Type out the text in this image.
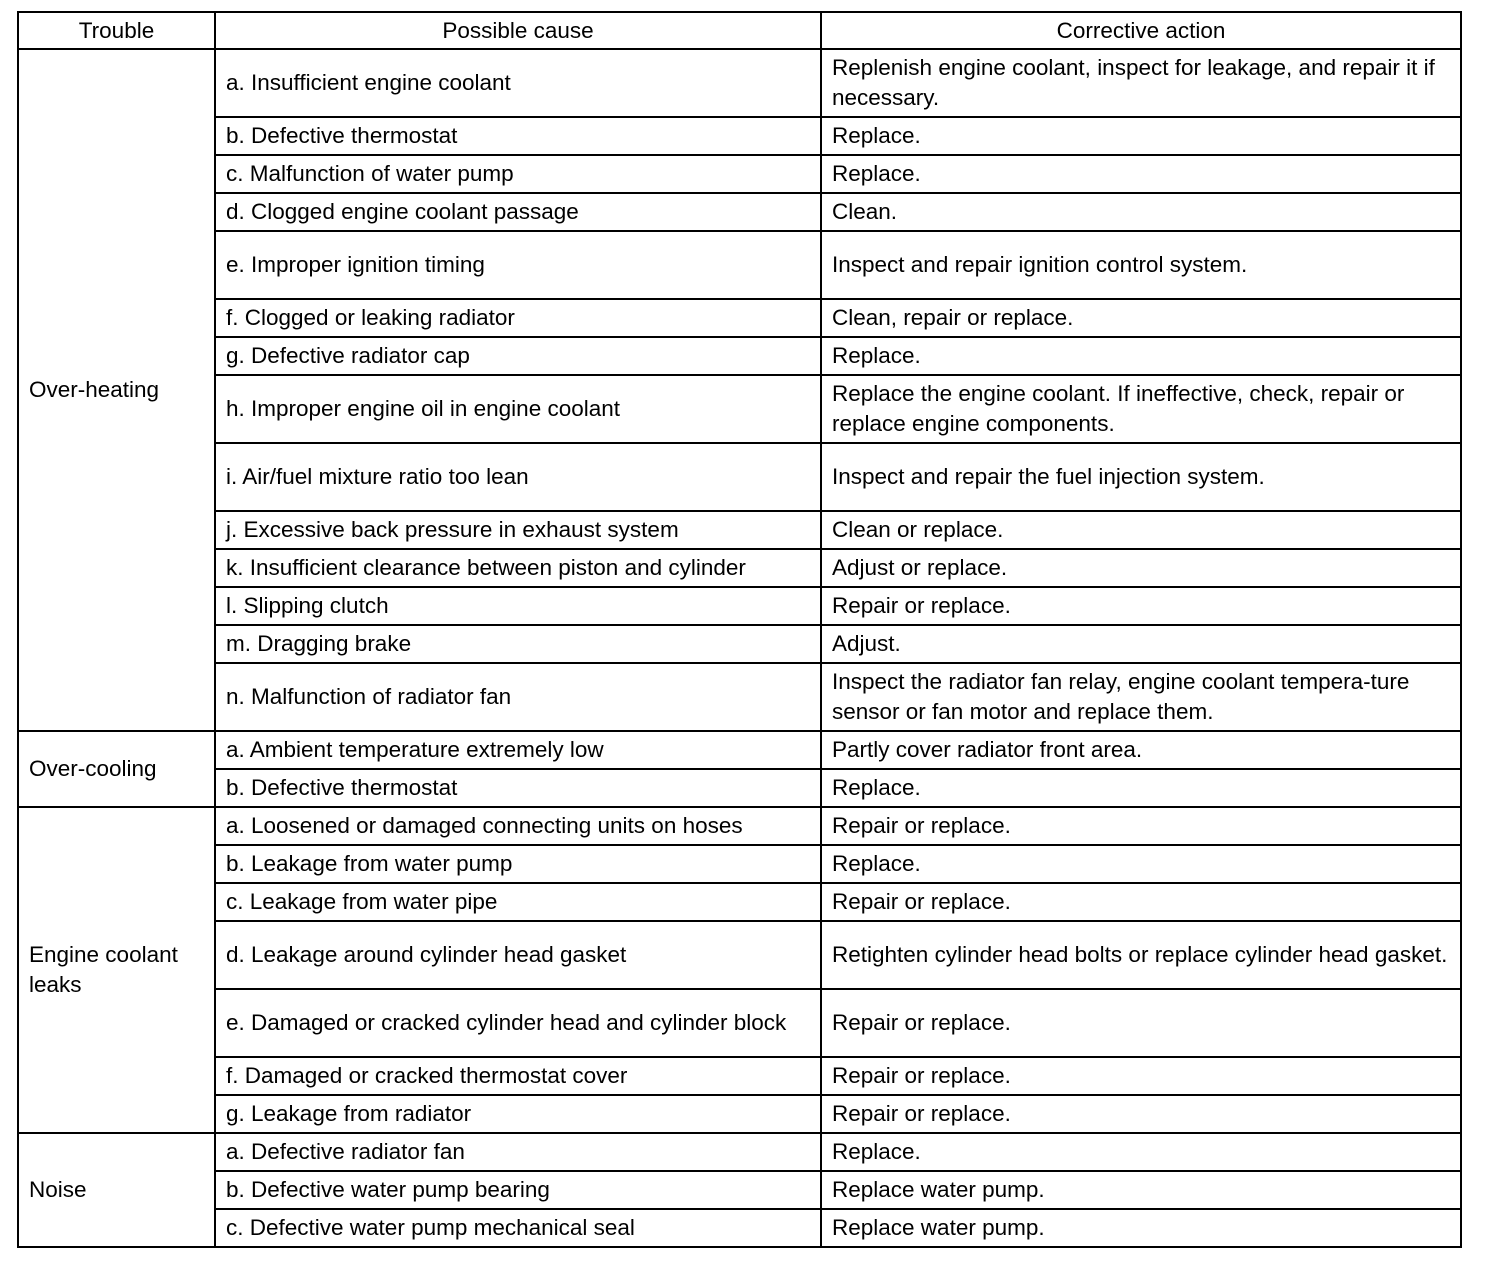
Trouble	Possible cause	Corrective action
Over-heating	a. Insufficient engine coolant	Replenish engine coolant, inspect for leakage, and repair it if necessary.
	b. Defective thermostat	Replace.
	c. Malfunction of water pump	Replace.
	d. Clogged engine coolant passage	Clean.
	e. Improper ignition timing	Inspect and repair ignition control system.
	f. Clogged or leaking radiator	Clean, repair or replace.
	g. Defective radiator cap	Replace.
	h. Improper engine oil in engine coolant	Replace the engine coolant. If ineffective, check, repair or replace engine components.
	i. Air/fuel mixture ratio too lean	Inspect and repair the fuel injection system.
	j. Excessive back pressure in exhaust system	Clean or replace.
	k. Insufficient clearance between piston and cylinder	Adjust or replace.
	l. Slipping clutch	Repair or replace.
	m. Dragging brake	Adjust.
	n. Malfunction of radiator fan	Inspect the radiator fan relay, engine coolant tempera-ture sensor or fan motor and replace them.
Over-cooling	a. Ambient temperature extremely low	Partly cover radiator front area.
	b. Defective thermostat	Replace.
Engine coolant leaks	a. Loosened or damaged connecting units on hoses	Repair or replace.
	b. Leakage from water pump	Replace.
	c. Leakage from water pipe	Repair or replace.
	d. Leakage around cylinder head gasket	Retighten cylinder head bolts or replace cylinder head gasket.
	e. Damaged or cracked cylinder head and cylinder block	Repair or replace.
	f. Damaged or cracked thermostat cover	Repair or replace.
	g. Leakage from radiator	Repair or replace.
Noise	a. Defective radiator fan	Replace.
	b. Defective water pump bearing	Replace water pump.
	c. Defective water pump mechanical seal	Replace water pump.
